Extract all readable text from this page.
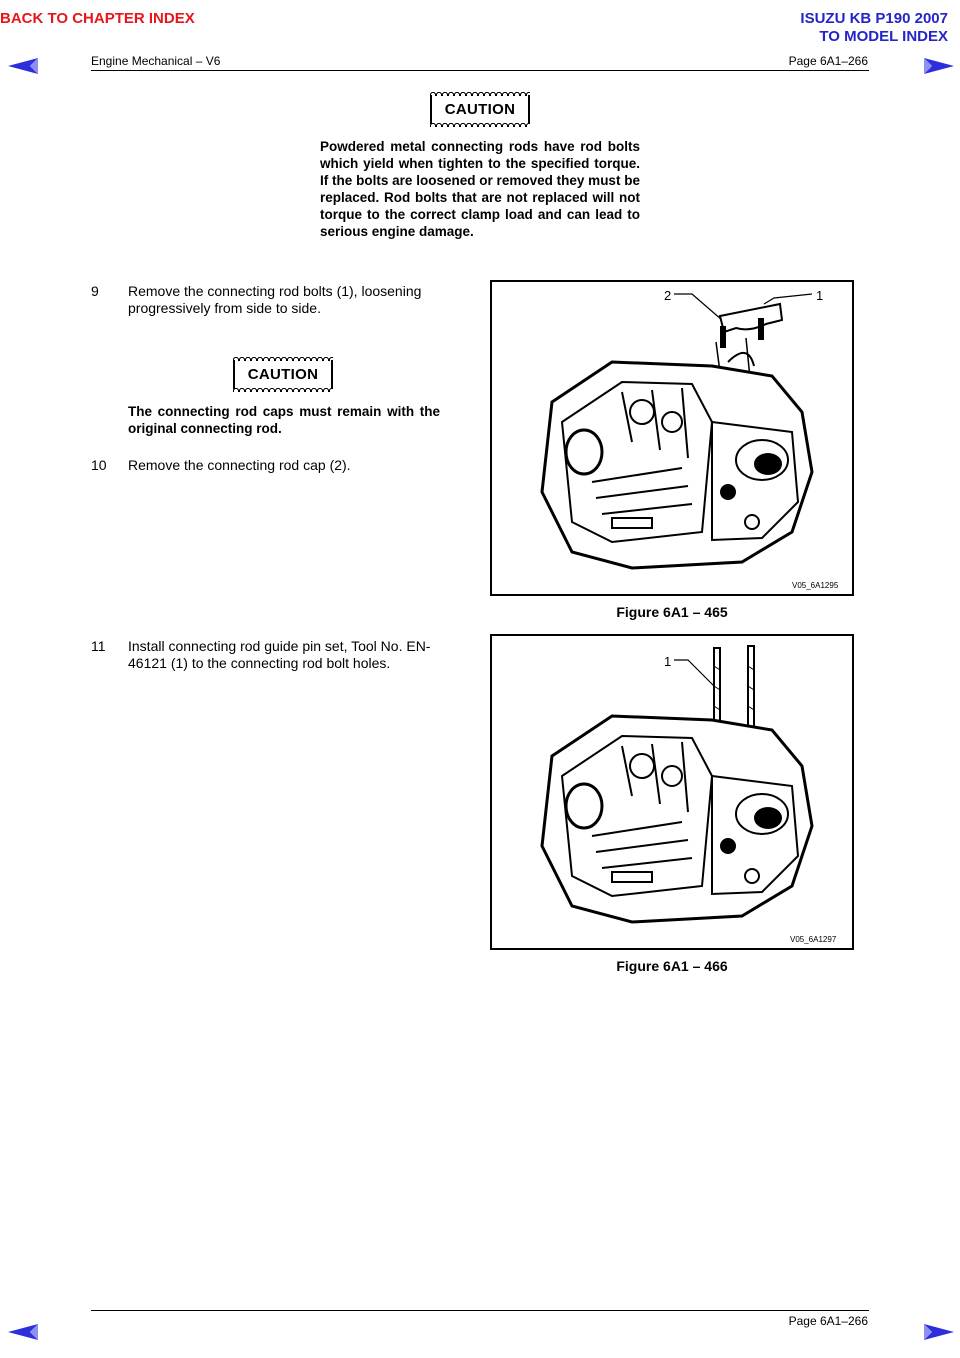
BACK TO CHAPTER INDEX	ISUZU KB P190 2007
TO MODEL INDEX
Engine Mechanical – V6	Page 6A1–266
CAUTION
Powdered metal connecting rods have rod bolts which yield when tighten to the specified torque. If the bolts are loosened or removed they must be replaced. Rod bolts that are not replaced will not torque to the correct clamp load and can lead to serious engine damage.
9 Remove the connecting rod bolts (1), loosening progressively from side to side.
CAUTION
The connecting rod caps must remain with the original connecting rod.
10 Remove the connecting rod cap (2).
2	1
V05_6A1295
Figure 6A1 – 465
11 Install connecting rod guide pin set, Tool No. EN-46121 (1) to the connecting rod bolt holes.	1
V05_6A1297
Figure 6A1 – 466
Page 6A1–266
